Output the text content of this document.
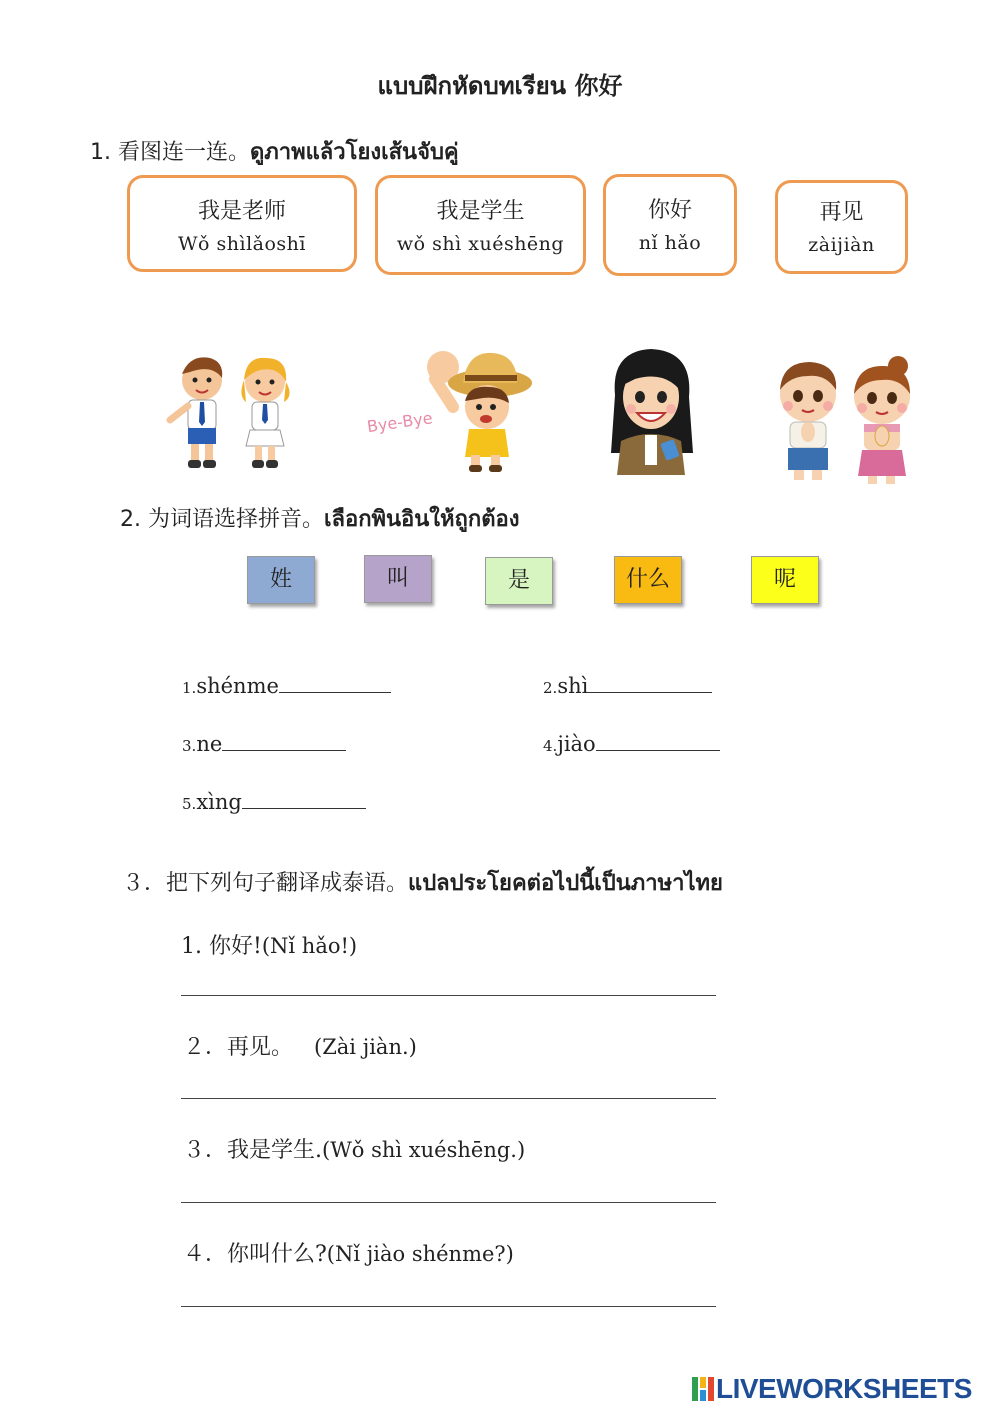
แบบฝึกหัดบทเรียน 你好
1. 看图连一连。ดูภาพแล้วโยงเส้นจับคู่
我是老师
Wǒ shìlǎoshī
我是学生
wǒ shì xuéshēng
你好
nǐ hǎo
再见
zàijiàn
Bye-Bye
2. 为词语选择拼音。เลือกพินอินให้ถูกต้อง
姓	叫	是	什么	呢
1.shénme	2.shì
3.ne	4.jiào
5.xìng
３．把下列句子翻译成泰语。แปลประโยคต่อไปนี้เป็นภาษาไทย
1. 你好!(Nǐ hǎo!)
２．再见。 (Zài jiàn.)
３．我是学生.(Wǒ shì xuéshēng.)
４．你叫什么?(Nǐ jiào shénme?)
LIVEWORKSHEETS
